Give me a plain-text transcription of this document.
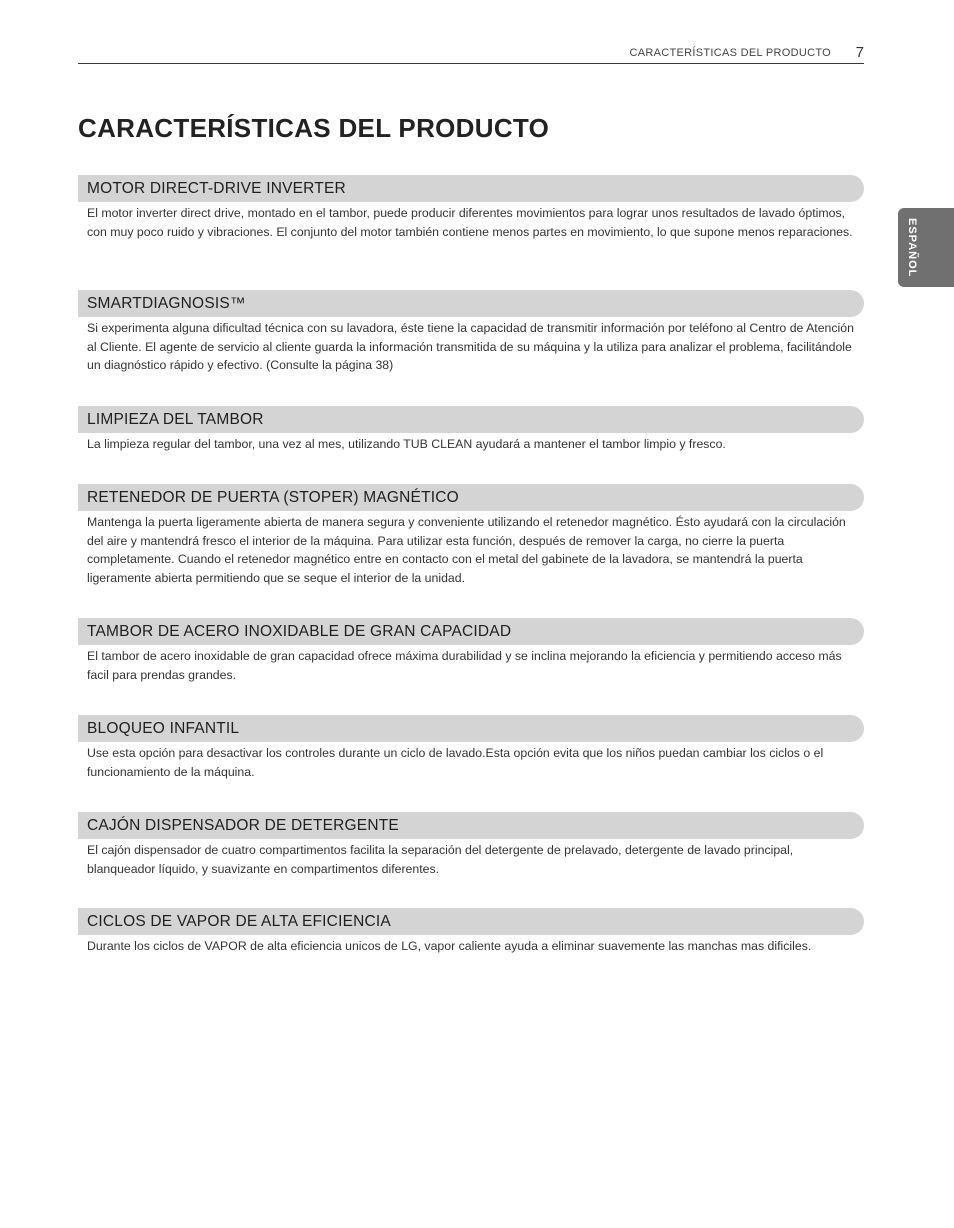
CARACTERÍSTICAS DEL PRODUCTO 7
CARACTERÍSTICAS DEL PRODUCTO
ESPAÑOL
MOTOR DIRECT-DRIVE INVERTER

El motor inverter direct drive, montado en el tambor, puede producir diferentes movimientos para lograr unos resultados de lavado óptimos, con muy poco ruido y vibraciones. El conjunto del motor también contiene menos partes en movimiento, lo que supone menos reparaciones.

SMARTDIAGNOSIS™

Si experimenta alguna dificultad técnica con su lavadora, éste tiene la capacidad de transmitir información por teléfono al Centro de Atención al Cliente. El agente de servicio al cliente guarda la información transmitida de su máquina y la utiliza para analizar el problema, facilitándole un diagnóstico rápido y efectivo. (Consulte la página 38)

LIMPIEZA DEL TAMBOR

La limpieza regular del tambor, una vez al mes, utilizando TUB CLEAN ayudará a mantener el tambor limpio y fresco.

RETENEDOR DE PUERTA (STOPER) MAGNÉTICO

Mantenga la puerta ligeramente abierta de manera segura y conveniente utilizando el retenedor magnético. Ésto ayudará con la circulación del aire y mantendrá fresco el interior de la máquina. Para utilizar esta función, después de remover la carga, no cierre la puerta completamente. Cuando el retenedor magnético entre en contacto con el metal del gabinete de la lavadora, se mantendrá la puerta ligeramente abierta permitiendo que se seque el interior de la unidad.

TAMBOR DE ACERO INOXIDABLE DE GRAN CAPACIDAD

El tambor de acero inoxidable de gran capacidad ofrece máxima durabilidad y se inclina mejorando la eficiencia y permitiendo acceso más facil para prendas grandes.

BLOQUEO INFANTIL

Use esta opción para desactivar los controles durante un ciclo de lavado.Esta opción evita que los niños puedan cambiar los ciclos o el funcionamiento de la máquina.

CAJÓN DISPENSADOR DE DETERGENTE

El cajón dispensador de cuatro compartimentos facilita la separación del detergente de prelavado, detergente de lavado principal, blanqueador líquido, y suavizante en compartimentos diferentes.

CICLOS DE VAPOR DE ALTA EFICIENCIA

Durante los ciclos de VAPOR de alta eficiencia unicos de LG, vapor caliente ayuda a eliminar suavemente las manchas mas dificiles.
